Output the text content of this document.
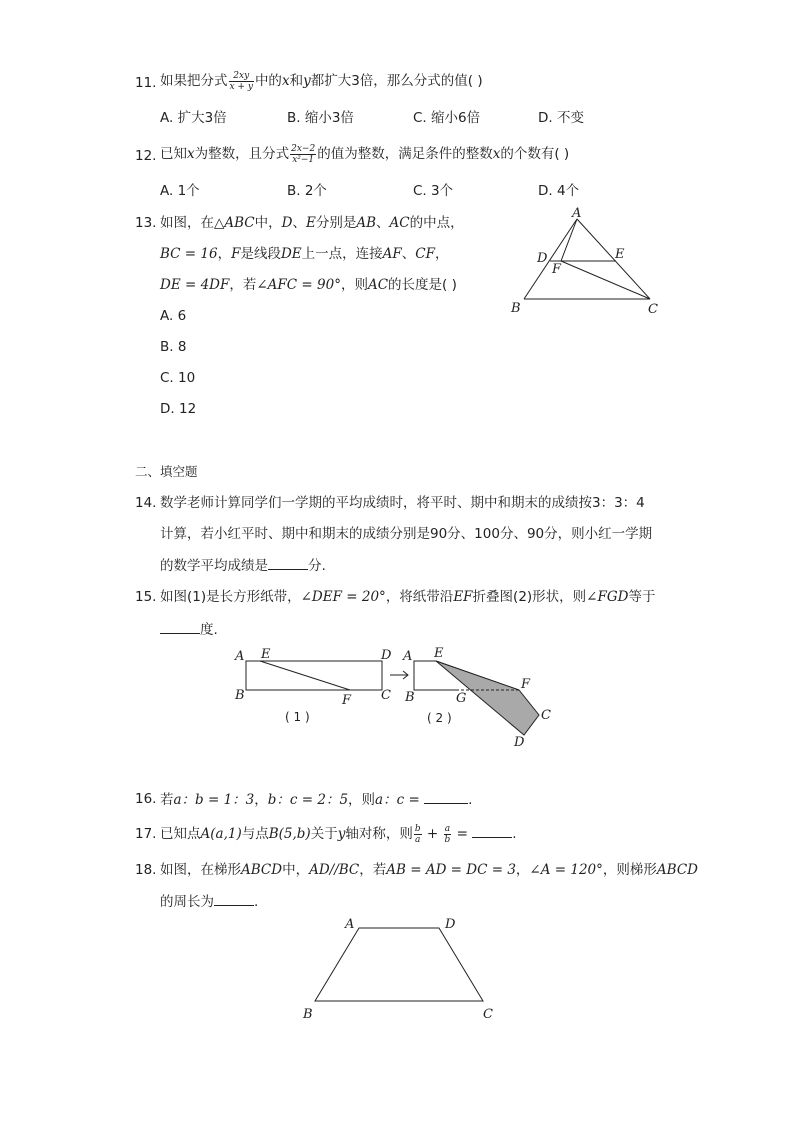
11. 如果把分式 $\frac{2xy}{x + y}$ 中的x和y都扩大3倍，那么分式的值( )
A. 扩大3倍	B. 缩小3倍	C. 缩小6倍	D. 不变
12. 已知x为整数，且分式 $\frac{2x-2}{\text{x²−1}}$ 的值为整数，满足条件的整数x的个数有( )
A. 1个	B. 2个	C. 3个	D. 4个
13. 如图，在△ABC中，D、E分别是AB、AC的中点，
BC = 16，F是线段DE上一点，连接AF、CF，
DE = 4DF，若∠AFC = 90°，则AC的长度是( )
A. 6
B. 8
C. 10
D. 12
A
D	E
F
B	C
二、填空题
14. 数学老师计算同学们一学期的平均成绩时，将平时、期中和期末的成绩按3：3：4
计算，若小红平时、期中和期末的成绩分别是90分、100分、90分，则小红一学期
的数学平均成绩是	分.
15. 如图(1)是长方形纸带，∠DEF = 20°，将纸带沿EF折叠图(2)形状，则∠FGD等于
度.
A E	D
B	F C
( 1 )
A E
B	G
F
C
D
( 2 )
16. 若a：b = 1：3，b：c = 2：5，则a：c =	.
17. 已知点A(a,1)与点B(5,b)关于y轴对称，则 $\frac{b}{a} + \frac{a}{b}$ =	.
18. 如图，在梯形ABCD中，AD//BC，若AB = AD = DC = 3，∠A = 120°，则梯形ABCD
的周长为	.
A	D
B	C
